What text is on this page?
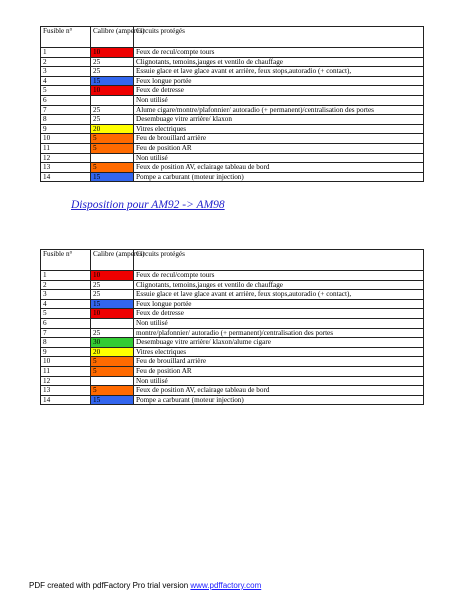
Fusible n°	Calibre (amperes)	Circuits protégés
1	10	Feux de recul/compte tours
2	25	Clignotants, temoins,jauges et ventilo de chauffage
3	25	Essuie glace et lave glace avant et arrière, feux stops,autoradio (+ contact),
4	15	Feux longue portée
5	10	Feux de detresse
6		Non utilisé
7	25	Alume cigare/montre/plafonnier/ autoradio (+ permanent)/centralisation des portes
8	25	Desembuage vitre arrière/ klaxon
9	20	Vitres electriques
10	5	Feu de brouillard arrière
11	5	Feu de position AR
12		Non utilisé
13	5	Feux de position AV, eclairage tableau de bord
14	15	Pompe a carburant (moteur injection)
Disposition pour AM92 -> AM98
Fusible n°	Calibre (amperes)	Circuits protégés
1	10	Feux de recul/compte tours
2	25	Clignotants, temoins,jauges et ventilo de chauffage
3	25	Essuie glace et lave glace avant et arrière, feux stops,autoradio (+ contact),
4	15	Feux longue portée
5	10	Feux de detresse
6		Non utilisé
7	25	montre/plafonnier/ autoradio (+ permanent)/centralisation des portes
8	30	Desembuage vitre arrière/ klaxon/alume cigare
9	20	Vitres electriques
10	5	Feu de brouillard arrière
11	5	Feu de position AR
12		Non utilisé
13	5	Feux de position AV, eclairage tableau de bord
14	15	Pompe a carburant (moteur injection)
PDF created with pdfFactory Pro trial version www.pdffactory.com
